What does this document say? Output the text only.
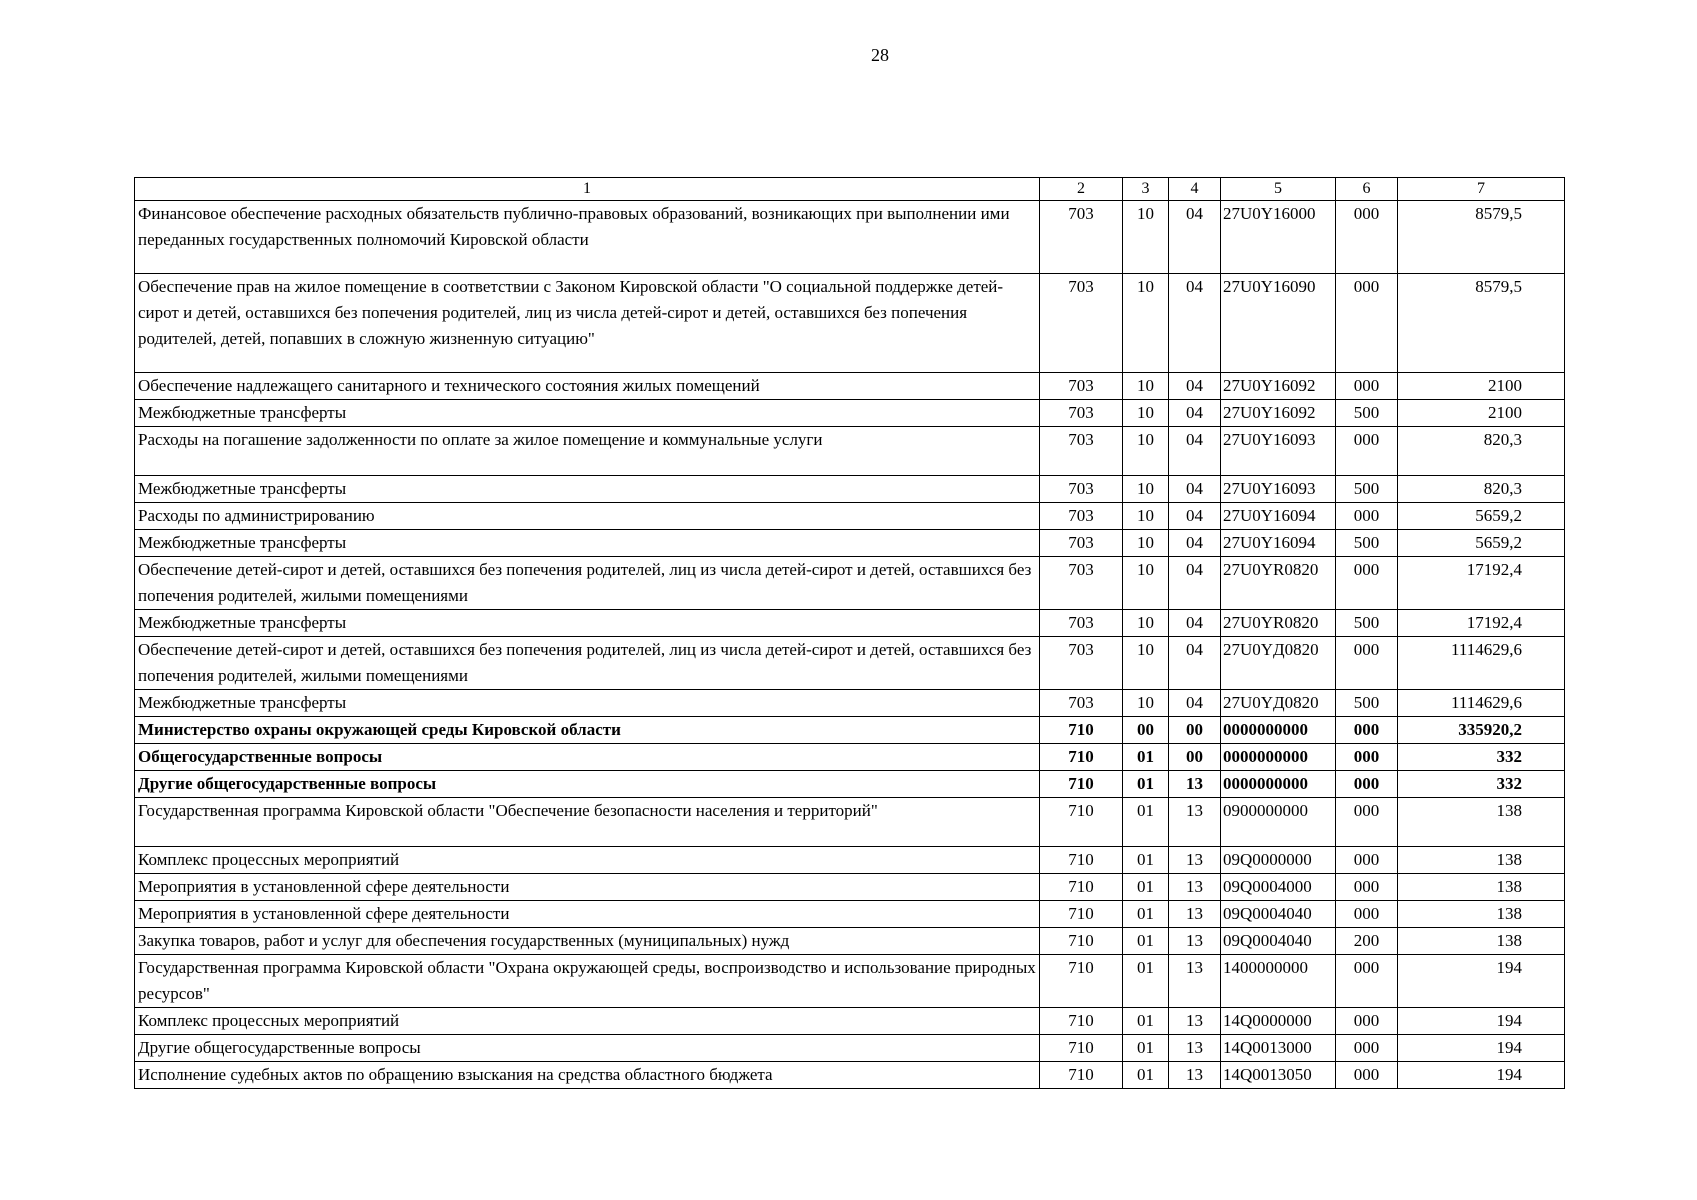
28
1	2	3	4	5	6	7
Финансовое обеспечение расходных обязательств публично-правовых образований, возникающих при выполнении ими переданных государственных полномочий Кировской области	703	10	04	27U0Y16000	000	8579,5
Обеспечение прав на жилое помещение в соответствии с Законом Кировской области "О социальной поддержке детей-сирот и детей, оставшихся без попечения родителей, лиц из числа детей-сирот и детей, оставшихся без попечения родителей, детей, попавших в сложную жизненную ситуацию"	703	10	04	27U0Y16090	000	8579,5
Обеспечение надлежащего санитарного и технического состояния жилых помещений	703	10	04	27U0Y16092	000	2100
Межбюджетные трансферты	703	10	04	27U0Y16092	500	2100
Расходы на погашение задолженности по оплате за жилое помещение и коммунальные услуги	703	10	04	27U0Y16093	000	820,3
Межбюджетные трансферты	703	10	04	27U0Y16093	500	820,3
Расходы по администрированию	703	10	04	27U0Y16094	000	5659,2
Межбюджетные трансферты	703	10	04	27U0Y16094	500	5659,2
Обеспечение детей-сирот и детей, оставшихся без попечения родителей, лиц из числа детей-сирот и детей, оставшихся без попечения родителей, жилыми помещениями	703	10	04	27U0YR0820	000	17192,4
Межбюджетные трансферты	703	10	04	27U0YR0820	500	17192,4
Обеспечение детей-сирот и детей, оставшихся без попечения родителей, лиц из числа детей-сирот и детей, оставшихся без попечения родителей, жилыми помещениями	703	10	04	27U0YД0820	000	1114629,6
Межбюджетные трансферты	703	10	04	27U0YД0820	500	1114629,6
Министерство охраны окружающей среды Кировской области	710	00	00	0000000000	000	335920,2
Общегосударственные вопросы	710	01	00	0000000000	000	332
Другие общегосударственные вопросы	710	01	13	0000000000	000	332
Государственная программа Кировской области "Обеспечение безопасности населения и территорий"	710	01	13	0900000000	000	138
Комплекс процессных мероприятий	710	01	13	09Q0000000	000	138
Мероприятия в установленной сфере деятельности	710	01	13	09Q0004000	000	138
Мероприятия в установленной сфере деятельности	710	01	13	09Q0004040	000	138
Закупка товаров, работ и услуг для обеспечения государственных (муниципальных) нужд	710	01	13	09Q0004040	200	138
Государственная программа Кировской области "Охрана окружающей среды, воспроизводство и использование природных ресурсов"	710	01	13	1400000000	000	194
Комплекс процессных мероприятий	710	01	13	14Q0000000	000	194
Другие общегосударственные вопросы	710	01	13	14Q0013000	000	194
Исполнение судебных актов по обращению взыскания на средства областного бюджета	710	01	13	14Q0013050	000	194
